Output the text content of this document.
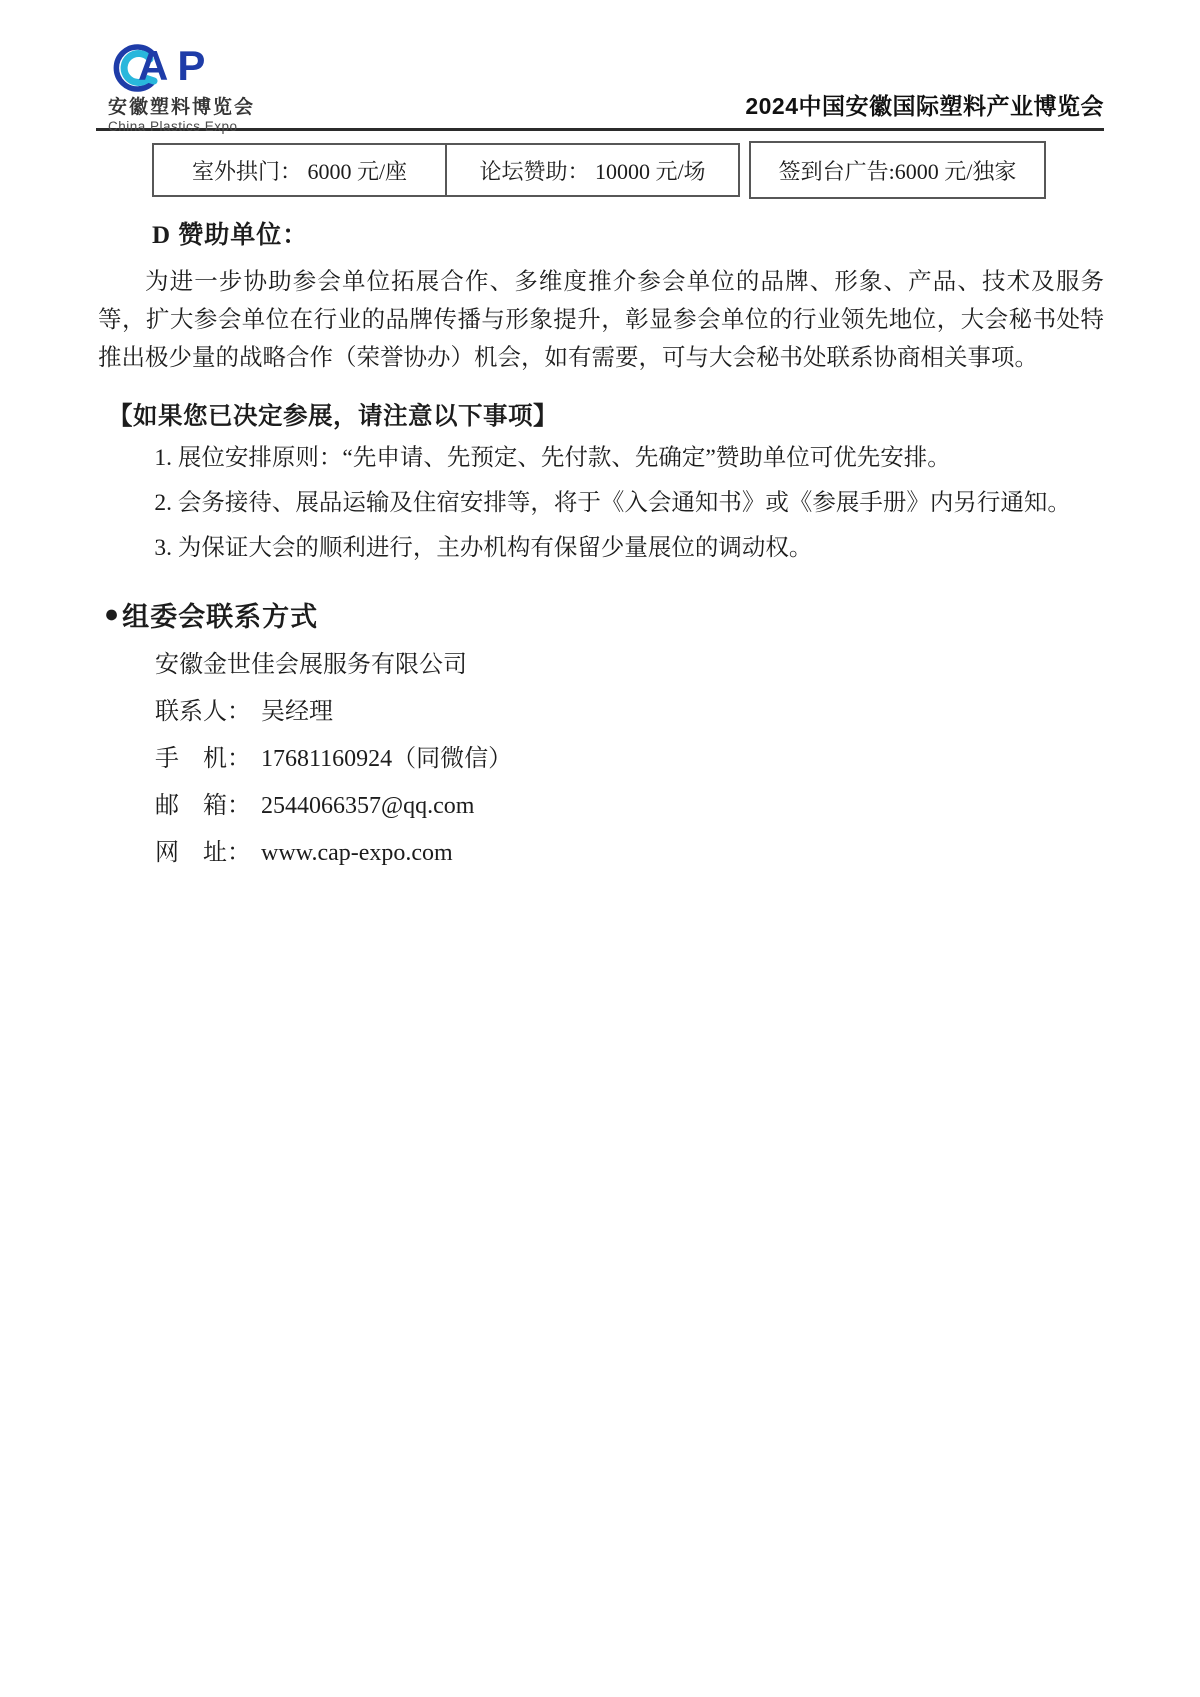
AP
安徽塑料博览会
China Plastics Expo
2024中国安徽国际塑料产业博览会
室外拱门： 6000 元/座	论坛赞助： 10000 元/场	签到台广告:6000 元/独家
D 赞助单位：

为进一步协助参会单位拓展合作、多维度推介参会单位的品牌、形象、产品、技术及服务等，扩大参会单位在行业的品牌传播与形象提升，彰显参会单位的行业领先地位，大会秘书处特推出极少量的战略合作（荣誉协办）机会，如有需要，可与大会秘书处联系协商相关事项。

【如果您已决定参展，请注意以下事项】

1. 展位安排原则：“先申请、先预定、先付款、先确定”赞助单位可优先安排。

2. 会务接待、展品运输及住宿安排等，将于《入会通知书》或《参展手册》内另行通知。

3. 为保证大会的顺利进行，主办机构有保留少量展位的调动权。

● 组委会联系方式

安徽金世佳会展服务有限公司

联系人： 吴经理

手　机： 17681160924（同微信）

邮　箱： 2544066357@qq.com

网　址： www.cap-expo.com
